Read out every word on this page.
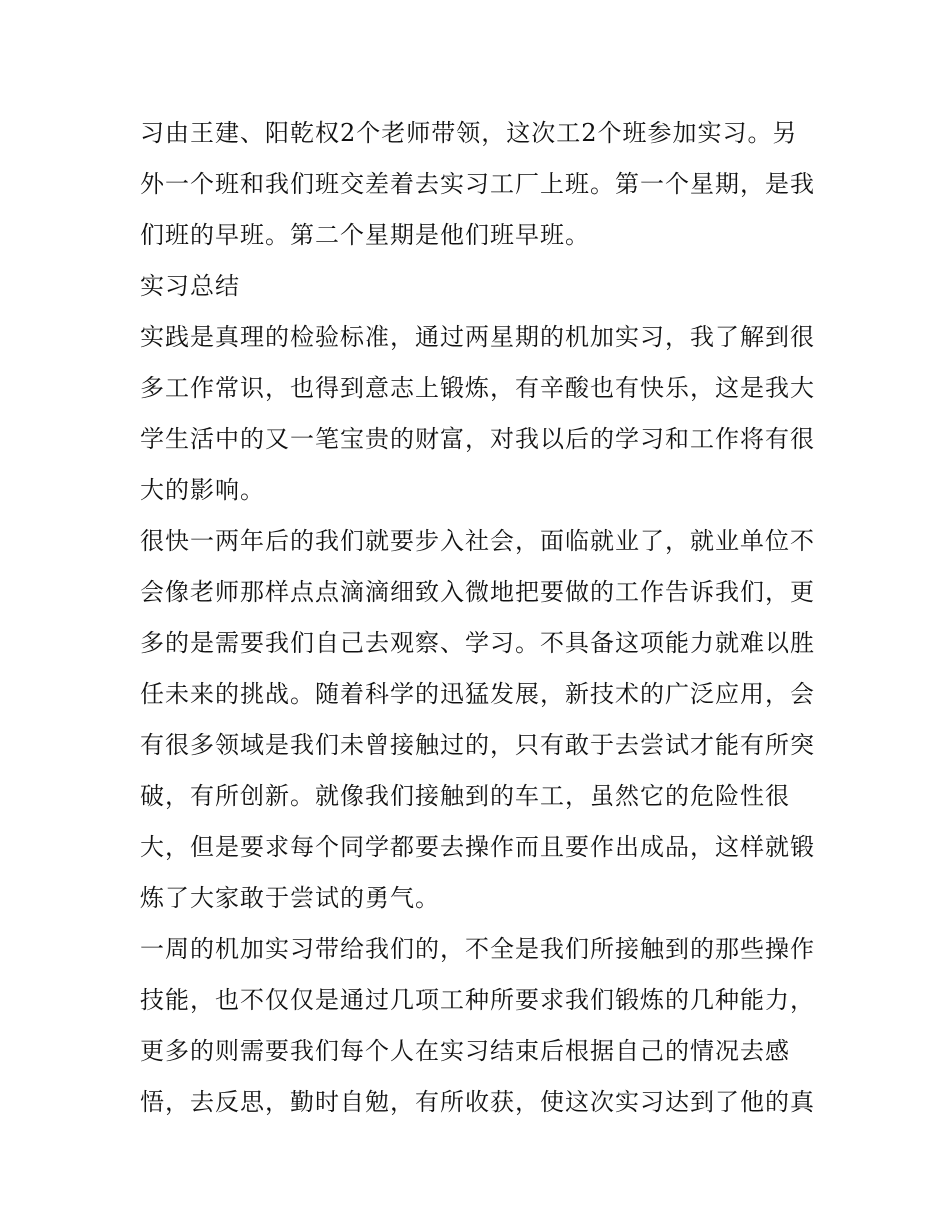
习由王建、阳乾权2个老师带领，这次工2个班参加实习。另
外一个班和我们班交差着去实习工厂上班。第一个星期，是我
们班的早班。第二个星期是他们班早班。
实习总结
实践是真理的检验标准，通过两星期的机加实习，我了解到很
多工作常识，也得到意志上锻炼，有辛酸也有快乐，这是我大
学生活中的又一笔宝贵的财富，对我以后的学习和工作将有很
大的影响。
很快一两年后的我们就要步入社会，面临就业了，就业单位不
会像老师那样点点滴滴细致入微地把要做的工作告诉我们，更
多的是需要我们自己去观察、学习。不具备这项能力就难以胜
任未来的挑战。随着科学的迅猛发展，新技术的广泛应用，会
有很多领域是我们未曾接触过的，只有敢于去尝试才能有所突
破，有所创新。就像我们接触到的车工，虽然它的危险性很
大，但是要求每个同学都要去操作而且要作出成品，这样就锻
炼了大家敢于尝试的勇气。
一周的机加实习带给我们的，不全是我们所接触到的那些操作
技能，也不仅仅是通过几项工种所要求我们锻炼的几种能力，
更多的则需要我们每个人在实习结束后根据自己的情况去感
悟，去反思，勤时自勉，有所收获，使这次实习达到了他的真
